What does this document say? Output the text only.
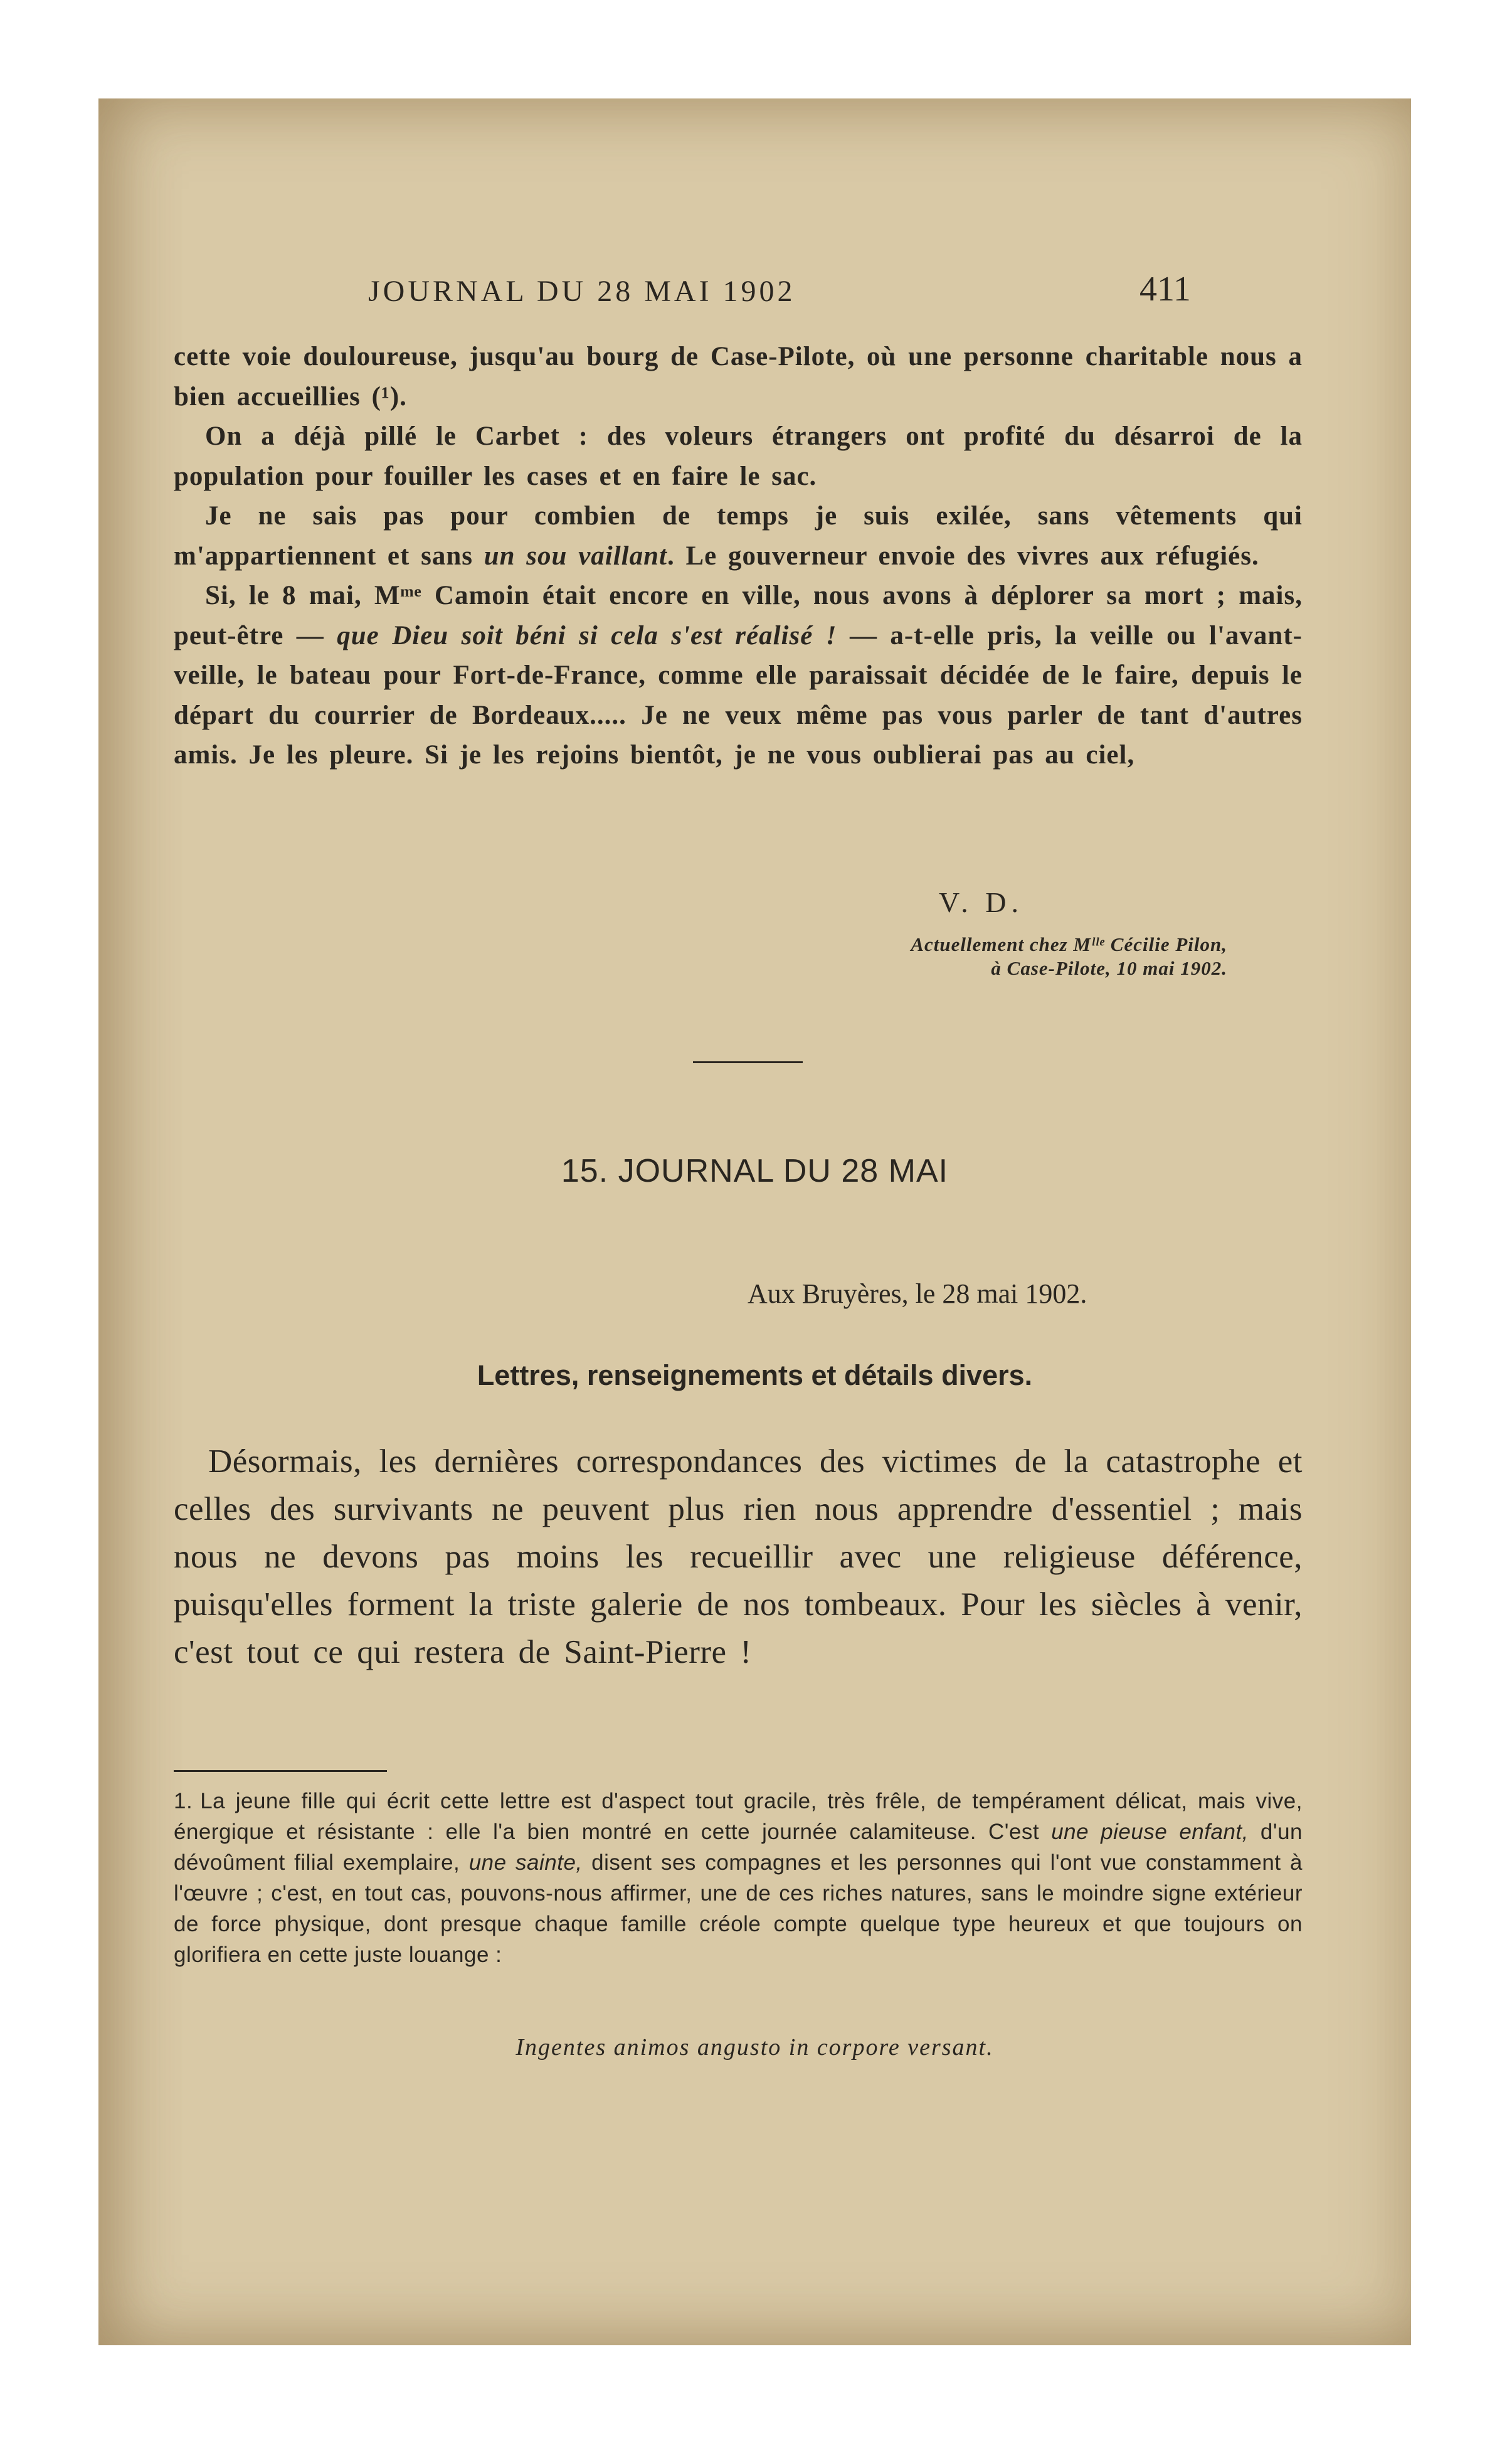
JOURNAL DU 28 MAI 1902	411

cette voie douloureuse, jusqu'au bourg de Case-Pilote, où une personne charitable nous a bien accueillies (¹).

On a déjà pillé le Carbet : des voleurs étrangers ont profité du désarroi de la population pour fouiller les cases et en faire le sac.

Je ne sais pas pour combien de temps je suis exilée, sans vêtements qui m'appartiennent et sans un sou vaillant. Le gouverneur envoie des vivres aux réfugiés.

Si, le 8 mai, Mᵐᵉ Camoin était encore en ville, nous avons à déplorer sa mort ; mais, peut-être — que Dieu soit béni si cela s'est réalisé ! — a-t-elle pris, la veille ou l'avant-veille, le bateau pour Fort-de-France, comme elle paraissait décidée de le faire, depuis le départ du courrier de Bordeaux..... Je ne veux même pas vous parler de tant d'autres amis. Je les pleure. Si je les rejoins bientôt, je ne vous oublierai pas au ciel,

V. D.
Actuellement chez Mˡˡᵉ Cécilie Pilon,
à Case-Pilote, 10 mai 1902.
15. JOURNAL DU 28 MAI
Aux Bruyères, le 28 mai 1902.
Lettres, renseignements et détails divers.

Désormais, les dernières correspondances des victimes de la catastrophe et celles des survivants ne peuvent plus rien nous apprendre d'essentiel ; mais nous ne devons pas moins les recueillir avec une religieuse déférence, puisqu'elles forment la triste galerie de nos tombeaux. Pour les siècles à venir, c'est tout ce qui restera de Saint-Pierre !

1. La jeune fille qui écrit cette lettre est d'aspect tout gracile, très frêle, de tempérament délicat, mais vive, énergique et résistante : elle l'a bien montré en cette journée calamiteuse. C'est une pieuse enfant, d'un dévoûment filial exemplaire, une sainte, disent ses compagnes et les personnes qui l'ont vue constamment à l'œuvre ; c'est, en tout cas, pouvons-nous affirmer, une de ces riches natures, sans le moindre signe extérieur de force physique, dont presque chaque famille créole compte quelque type heureux et que toujours on glorifiera en cette juste louange :

Ingentes animos angusto in corpore versant.
